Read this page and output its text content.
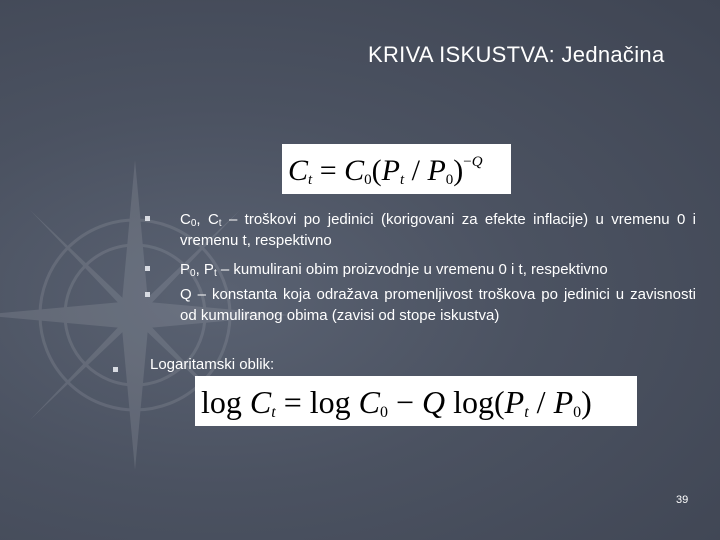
KRIVA ISKUSTVA: Jednačina
Ct = C0(Pt / P0)−Q
$C_0$, $C_t$ – troškovi po jedinici (korigovani za efekte inflacije) u vremenu 0 i vremenu t, respektivno
$P_0$, $P_t$ – kumulirani obim proizvodnje u vremenu 0 i t, respektivno
Q – konstanta koja odražava promenljivost troškova po jedinici u zavisnosti od kumuliranog obima (zavisi od stope iskustva)
Logaritamski oblik:
log Ct = log C0 − Q log(Pt / P0)
39
